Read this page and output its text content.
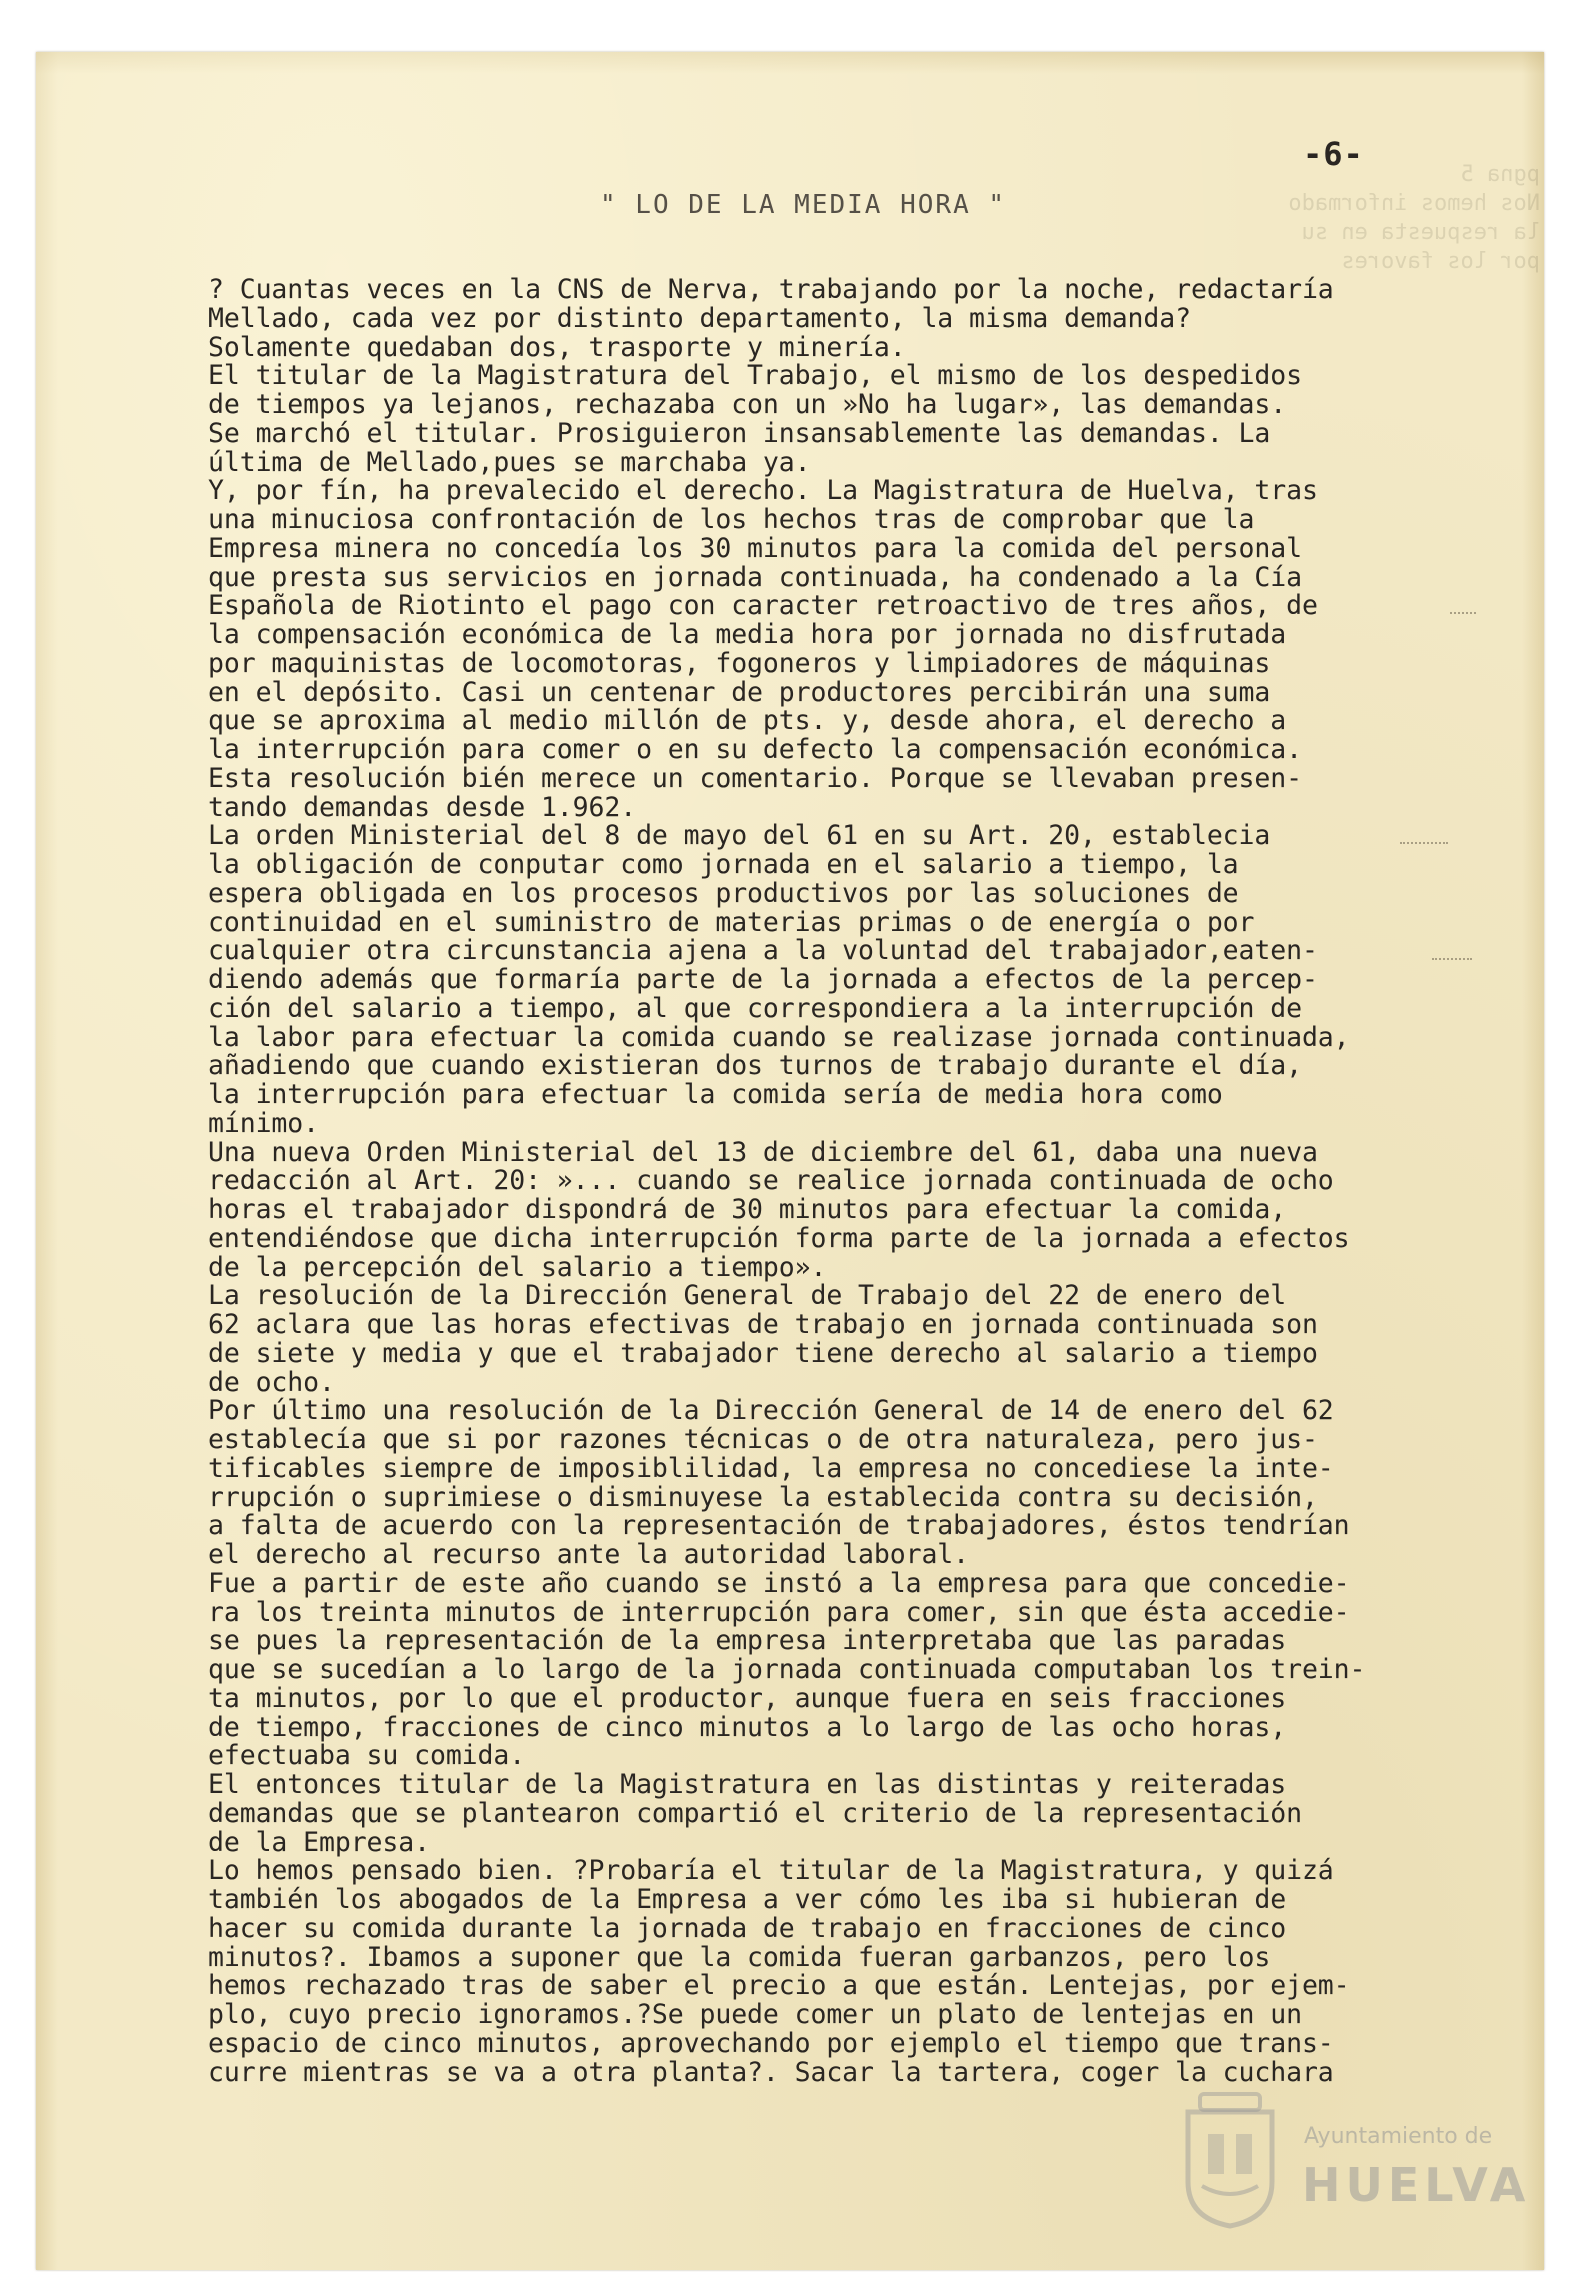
pgna 5
Nos hemos informado
la respuesta en su
por los favores

-6-
" LO DE LA MEDIA HORA "
? Cuantas veces en la CNS de Nerva, trabajando por la noche, redactaría
Mellado, cada vez por distinto departamento, la misma demanda?
Solamente quedaban dos, trasporte y minería.
El titular de la Magistratura del Trabajo, el mismo de los despedidos
de tiempos ya lejanos, rechazaba con un »No ha lugar», las demandas.
Se marchó el titular. Prosiguieron insansablemente las demandas. La
última de Mellado,pues se marchaba ya.
Y, por fín, ha prevalecido el derecho. La Magistratura de Huelva, tras
una minuciosa confrontación de los hechos tras de comprobar que la
Empresa minera no concedía los 30 minutos para la comida del personal
que presta sus servicios en jornada continuada, ha condenado a la Cía
Española de Riotinto el pago con caracter retroactivo de tres años, de
la compensación económica de la media hora por jornada no disfrutada
por maquinistas de locomotoras, fogoneros y limpiadores de máquinas
en el depósito. Casi un centenar de productores percibirán una suma
que se aproxima al medio millón de pts. y, desde ahora, el derecho a
la interrupción para comer o en su defecto la compensación económica.
Esta resolución bién merece un comentario. Porque se llevaban presen-
tando demandas desde 1.962.
La orden Ministerial del 8 de mayo del 61 en su Art. 20, establecia
la obligación de conputar como jornada en el salario a tiempo, la
espera obligada en los procesos productivos por las soluciones de
continuidad en el suministro de materias primas o de energía o por
cualquier otra circunstancia ajena a la voluntad del trabajador,eaten-
diendo además que formaría parte de la jornada a efectos de la percep-
ción del salario a tiempo, al que correspondiera a la interrupción de
la labor para efectuar la comida cuando se realizase jornada continuada,
añadiendo que cuando existieran dos turnos de trabajo durante el día,
la interrupción para efectuar la comida sería de media hora como
mínimo.
Una nueva Orden Ministerial del 13 de diciembre del 61, daba una nueva
redacción al Art. 20: »... cuando se realice jornada continuada de ocho
horas el trabajador dispondrá de 30 minutos para efectuar la comida,
entendiéndose que dicha interrupción forma parte de la jornada a efectos
de la percepción del salario a tiempo».
La resolución de la Dirección General de Trabajo del 22 de enero del
62 aclara que las horas efectivas de trabajo en jornada continuada son
de siete y media y que el trabajador tiene derecho al salario a tiempo
de ocho.
Por último una resolución de la Dirección General de 14 de enero del 62
establecía que si por razones técnicas o de otra naturaleza, pero jus-
tificables siempre de imposiblilidad, la empresa no concediese la inte-
rrupción o suprimiese o disminuyese la establecida contra su decisión,
a falta de acuerdo con la representación de trabajadores, éstos tendrían
el derecho al recurso ante la autoridad laboral.
Fue a partir de este año cuando se instó a la empresa para que concedie-
ra los treinta minutos de interrupción para comer, sin que ésta accedie-
se pues la representación de la empresa interpretaba que las paradas
que se sucedían a lo largo de la jornada continuada computaban los trein-
ta minutos, por lo que el productor, aunque fuera en seis fracciones
de tiempo, fracciones de cinco minutos a lo largo de las ocho horas,
efectuaba su comida.
El entonces titular de la Magistratura en las distintas y reiteradas
demandas que se plantearon compartió el criterio de la representación
de la Empresa.
Lo hemos pensado bien. ?Probaría el titular de la Magistratura, y quizá
también los abogados de la Empresa a ver cómo les iba si hubieran de
hacer su comida durante la jornada de trabajo en fracciones de cinco
minutos?. Ibamos a suponer que la comida fueran garbanzos, pero los
hemos rechazado tras de saber el precio a que están. Lentejas, por ejem-
plo, cuyo precio ignoramos.?Se puede comer un plato de lentejas en un
espacio de cinco minutos, aprovechando por ejemplo el tiempo que trans-
curre mientras se va a otra planta?. Sacar la tartera, coger la cuchara
Ayuntamiento de
HUELVA
